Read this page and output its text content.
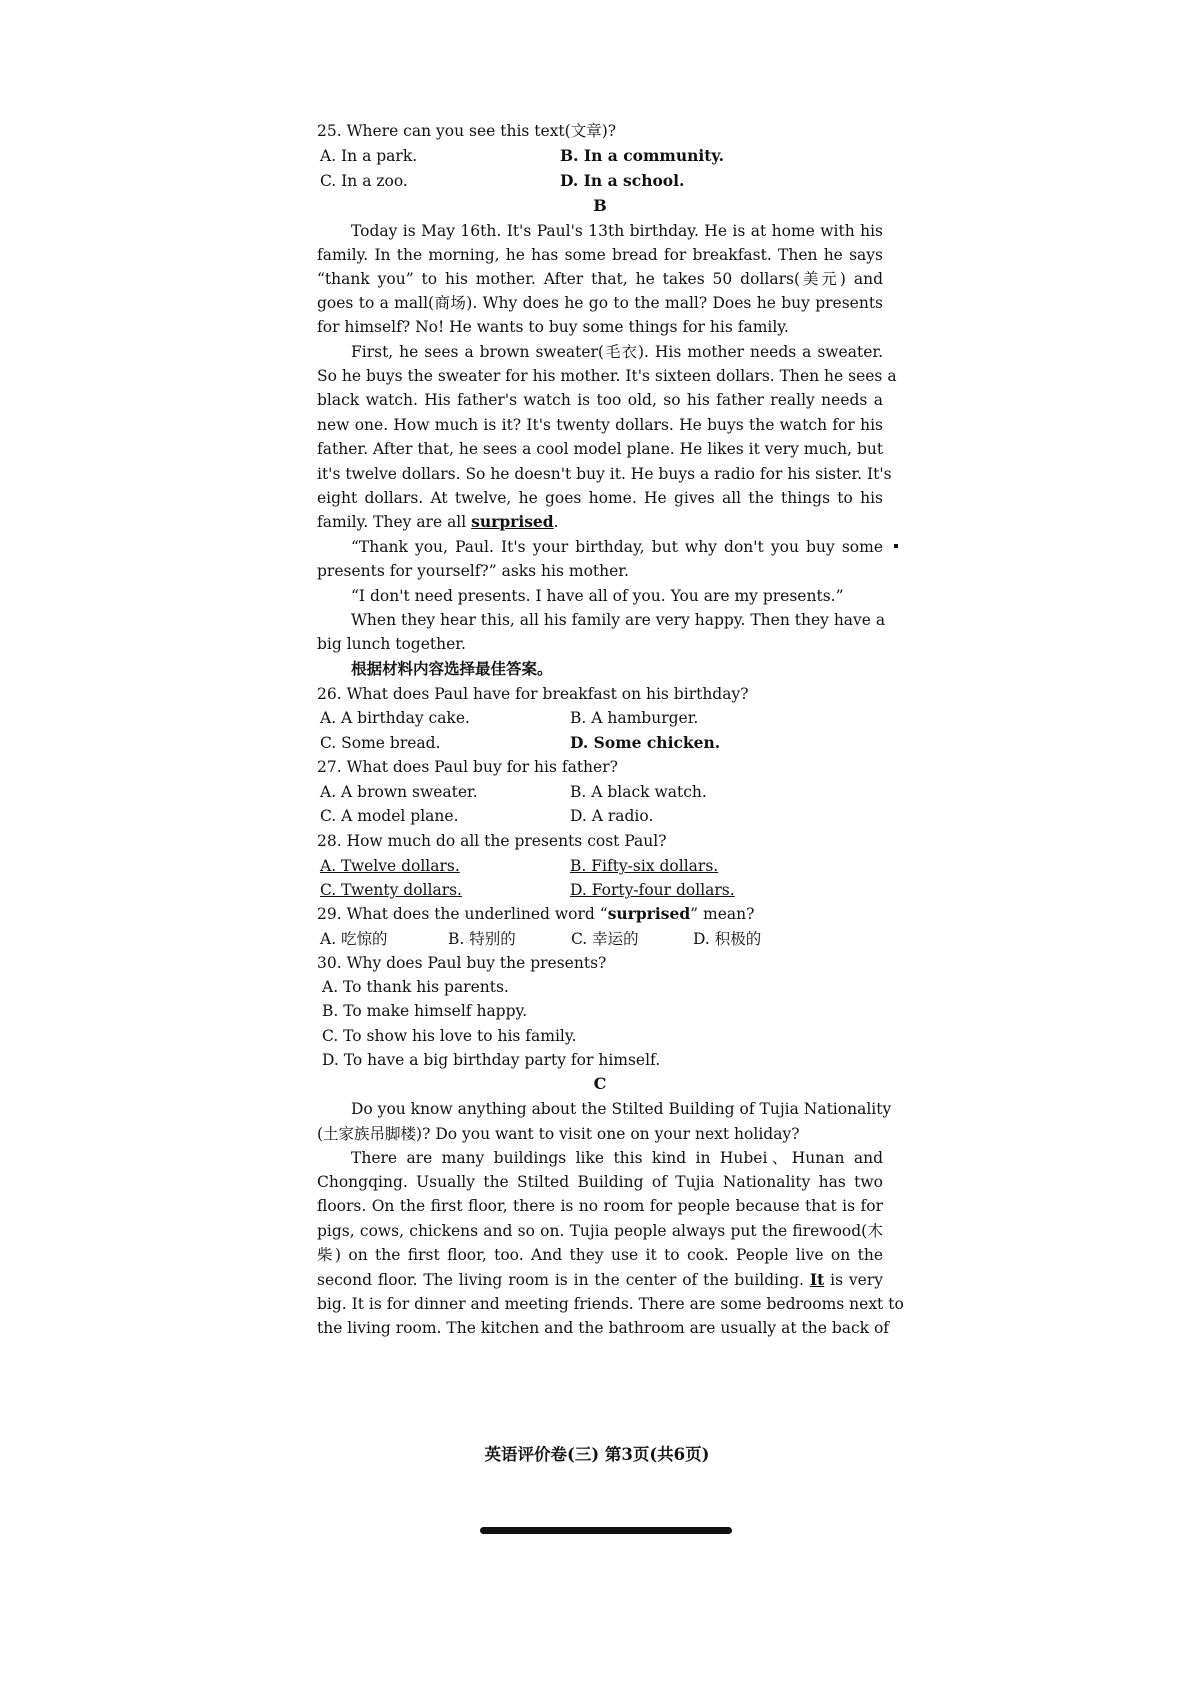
25. Where can you see this text(文章)?
A. In a park.	B. In a community.
C. In a zoo.	D. In a school.
B
Today is May 16th. It's Paul's 13th birthday. He is at home with his
family. In the morning, he has some bread for breakfast. Then he says
“thank you” to his mother. After that, he takes 50 dollars(美元) and
goes to a mall(商场). Why does he go to the mall? Does he buy presents
for himself? No! He wants to buy some things for his family.
First, he sees a brown sweater(毛衣). His mother needs a sweater.
So he buys the sweater for his mother. It's sixteen dollars. Then he sees a
black watch. His father's watch is too old, so his father really needs a
new one. How much is it? It's twenty dollars. He buys the watch for his
father. After that, he sees a cool model plane. He likes it very much, but
it's twelve dollars. So he doesn't buy it. He buys a radio for his sister. It's
eight dollars. At twelve, he goes home. He gives all the things to his
family. They are all surprised.
“Thank you, Paul. It's your birthday, but why don't you buy some
presents for yourself?” asks his mother.
“I don't need presents. I have all of you. You are my presents.”
When they hear this, all his family are very happy. Then they have a
big lunch together.
根据材料内容选择最佳答案。
26. What does Paul have for breakfast on his birthday?
A. A birthday cake.	B. A hamburger.
C. Some bread.	D. Some chicken.
27. What does Paul buy for his father?
A. A brown sweater.	B. A black watch.
C. A model plane.	D. A radio.
28. How much do all the presents cost Paul?
A. Twelve dollars.	B. Fifty-six dollars.
C. Twenty dollars.	D. Forty-four dollars.
29. What does the underlined word “surprised” mean?
A. 吃惊的	B. 特别的	C. 幸运的	D. 积极的
30. Why does Paul buy the presents?
A. To thank his parents.
B. To make himself happy.
C. To show his love to his family.
D. To have a big birthday party for himself.
C
Do you know anything about the Stilted Building of Tujia Nationality
(土家族吊脚楼)? Do you want to visit one on your next holiday?
There are many buildings like this kind in Hubei、Hunan and
Chongqing. Usually the Stilted Building of Tujia Nationality has two
floors. On the first floor, there is no room for people because that is for
pigs, cows, chickens and so on. Tujia people always put the firewood(木
柴) on the first floor, too. And they use it to cook. People live on the
second floor. The living room is in the center of the building. It is very
big. It is for dinner and meeting friends. There are some bedrooms next to
the living room. The kitchen and the bathroom are usually at the back of
英语评价卷(三) 第3页(共6页)
